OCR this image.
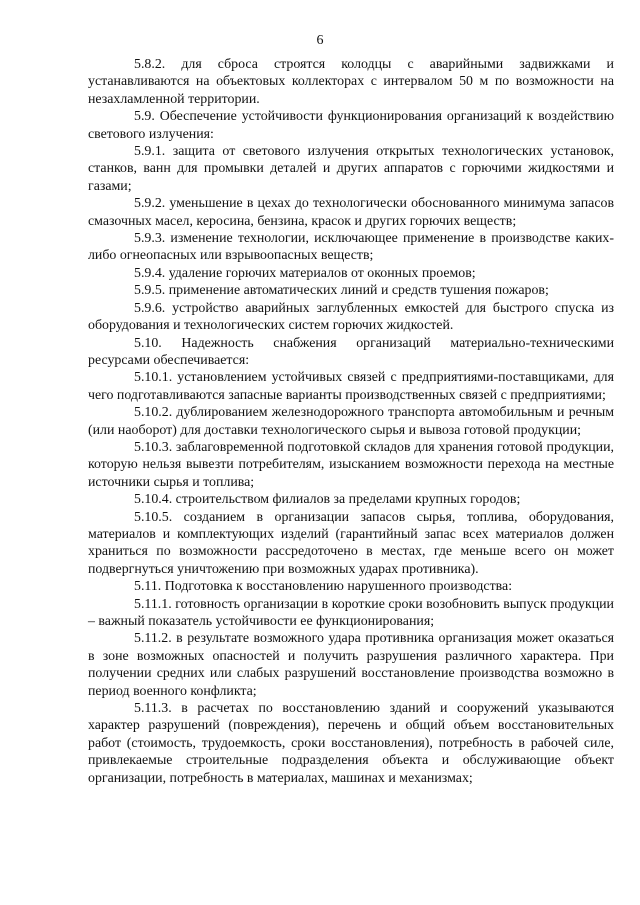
6

5.8.2. для сброса строятся колодцы с аварийными задвижками и устанавливаются на объектовых коллекторах с интервалом 50 м по возможности на незахламленной территории.

5.9. Обеспечение устойчивости функционирования организаций к воздействию светового излучения:

5.9.1. защита от светового излучения открытых технологических установок, станков, ванн для промывки деталей и других аппаратов с горючими жидкостями и газами;

5.9.2. уменьшение в цехах до технологически обоснованного минимума запасов смазочных масел, керосина, бензина, красок и других горючих веществ;

5.9.3. изменение технологии, исключающее применение в производстве каких-либо огнеопасных или взрывоопасных веществ;

5.9.4. удаление горючих материалов от оконных проемов;

5.9.5. применение автоматических линий и средств тушения пожаров;

5.9.6. устройство аварийных заглубленных емкостей для быстрого спуска из оборудования и технологических систем горючих жидкостей.

5.10. Надежность снабжения организаций материально-техническими ресурсами обеспечивается:

5.10.1. установлением устойчивых связей с предприятиями-поставщиками, для чего подготавливаются запасные варианты производственных связей с предприятиями;

5.10.2. дублированием железнодорожного транспорта автомобильным и речным (или наоборот) для доставки технологического сырья и вывоза готовой продукции;

5.10.3. заблаговременной подготовкой складов для хранения готовой продукции, которую нельзя вывезти потребителям, изысканием возможности перехода на местные источники сырья и топлива;

5.10.4. строительством филиалов за пределами крупных городов;

5.10.5. созданием в организации запасов сырья, топлива, оборудования, материалов и комплектующих изделий (гарантийный запас всех материалов должен храниться по возможности рассредоточено в местах, где меньше всего он может подвергнуться уничтожению при возможных ударах противника).

5.11. Подготовка к восстановлению нарушенного производства:

5.11.1. готовность организации в короткие сроки возобновить выпуск продукции – важный показатель устойчивости ее функционирования;

5.11.2. в результате возможного удара противника организация может оказаться в зоне возможных опасностей и получить разрушения различного характера. При получении средних или слабых разрушений восстановление производства возможно в период военного конфликта;

5.11.3. в расчетах по восстановлению зданий и сооружений указываются характер разрушений (повреждения), перечень и общий объем восстановительных работ (стоимость, трудоемкость, сроки восстановления), потребность в рабочей силе, привлекаемые строительные подразделения объекта и обслуживающие объект организации, потребность в материалах, машинах и механизмах;
